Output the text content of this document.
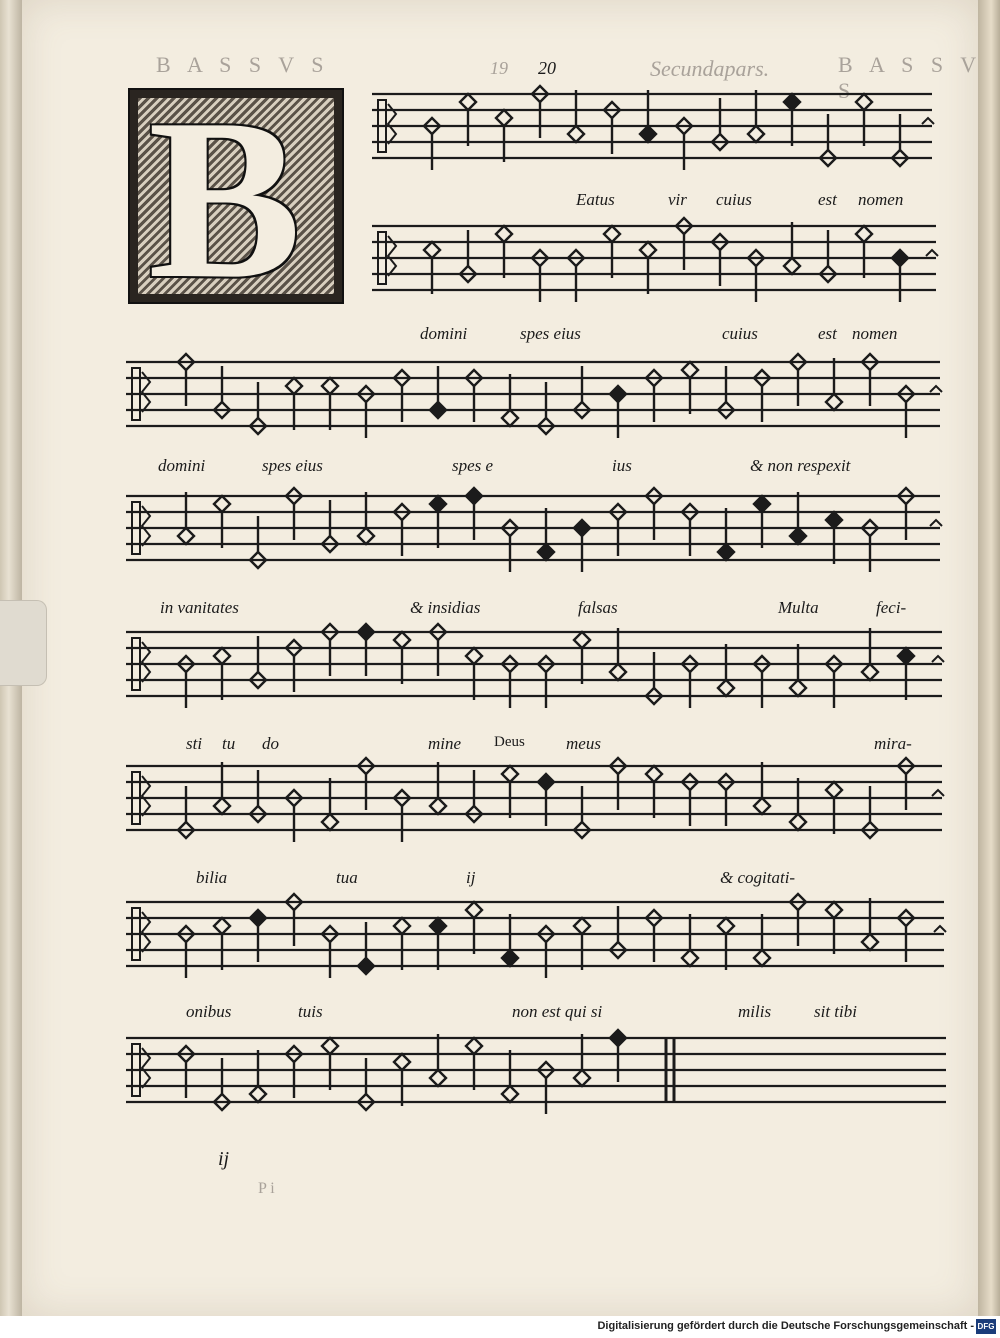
Secundapars.
B A S S V S	19	B A S S V S
20
B	Eatus	vir cuius	est nomen
domini	spes eius	cuius	est nomen
domini	spes eius	spes e	ius	& non respexit
in vanitates	& insidias	falsas	Multa	feci-
sti tu do	mine Deus meus	mira-
bilia	tua	ij	& cogitati-
onibus	tuis	non est qui si	milis	sit tibi
ij
P i
Digitalisierung gefördert durch die Deutsche Forschungsgemeinschaft - DFG
